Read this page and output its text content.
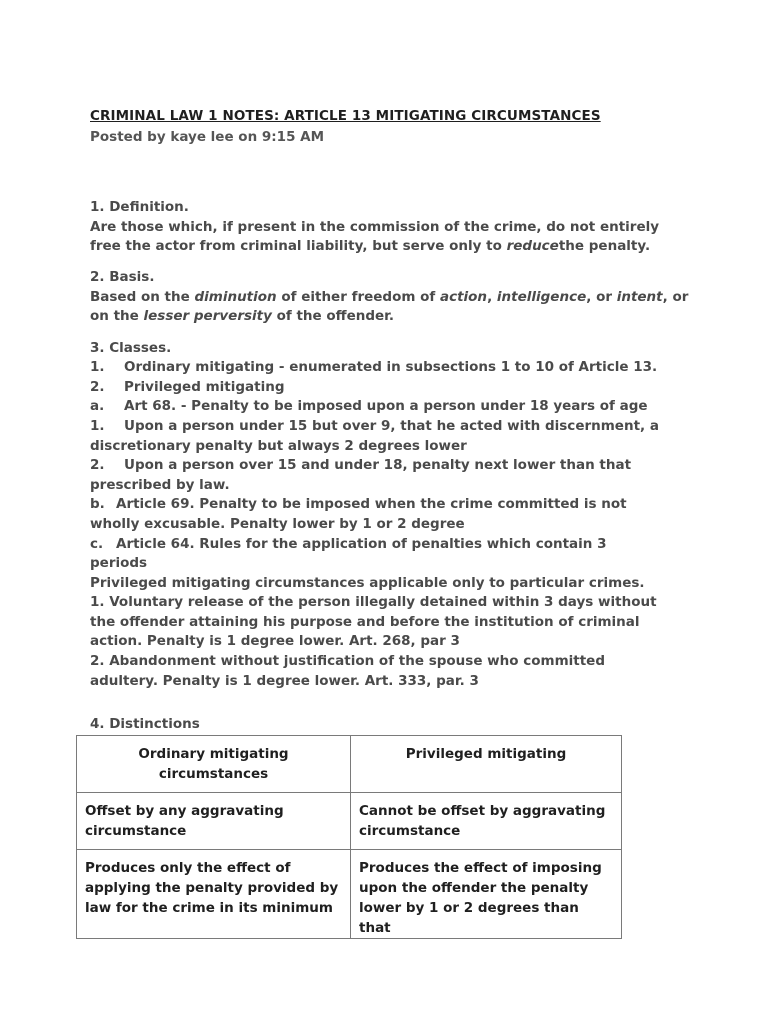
CRIMINAL LAW 1 NOTES: ARTICLE 13 MITIGATING CIRCUMSTANCES
Posted by kaye lee on 9:15 AM
1. Definition.
Are those which, if present in the commission of the crime, do not entirely
free the actor from criminal liability, but serve only to reducethe penalty.
2. Basis.
Based on the diminution of either freedom of action, intelligence, or intent, or
on the lesser perversity of the offender.
3. Classes.
1. Ordinary mitigating - enumerated in subsections 1 to 10 of Article 13.
2. Privileged mitigating
a. Art 68. - Penalty to be imposed upon a person under 18 years of age
1. Upon a person under 15 but over 9, that he acted with discernment, a
discretionary penalty but always 2 degrees lower
2. Upon a person over 15 and under 18, penalty next lower than that
prescribed by law.
b. Article 69. Penalty to be imposed when the crime committed is not
wholly excusable. Penalty lower by 1 or 2 degree
c. Article 64. Rules for the application of penalties which contain 3
periods
Privileged mitigating circumstances applicable only to particular crimes.
1. Voluntary release of the person illegally detained within 3 days without
the offender attaining his purpose and before the institution of criminal
action. Penalty is 1 degree lower. Art. 268, par 3
2. Abandonment without justification of the spouse who committed
adultery. Penalty is 1 degree lower. Art. 333, par. 3
4. Distinctions
Ordinary mitigating circumstances	Privileged mitigating
Offset by any aggravating circumstance	Cannot be offset by aggravating circumstance
Produces only the effect of applying the penalty provided by law for the crime in its minimum	Produces the effect of imposing upon the offender the penalty lower by 1 or 2 degrees than that
